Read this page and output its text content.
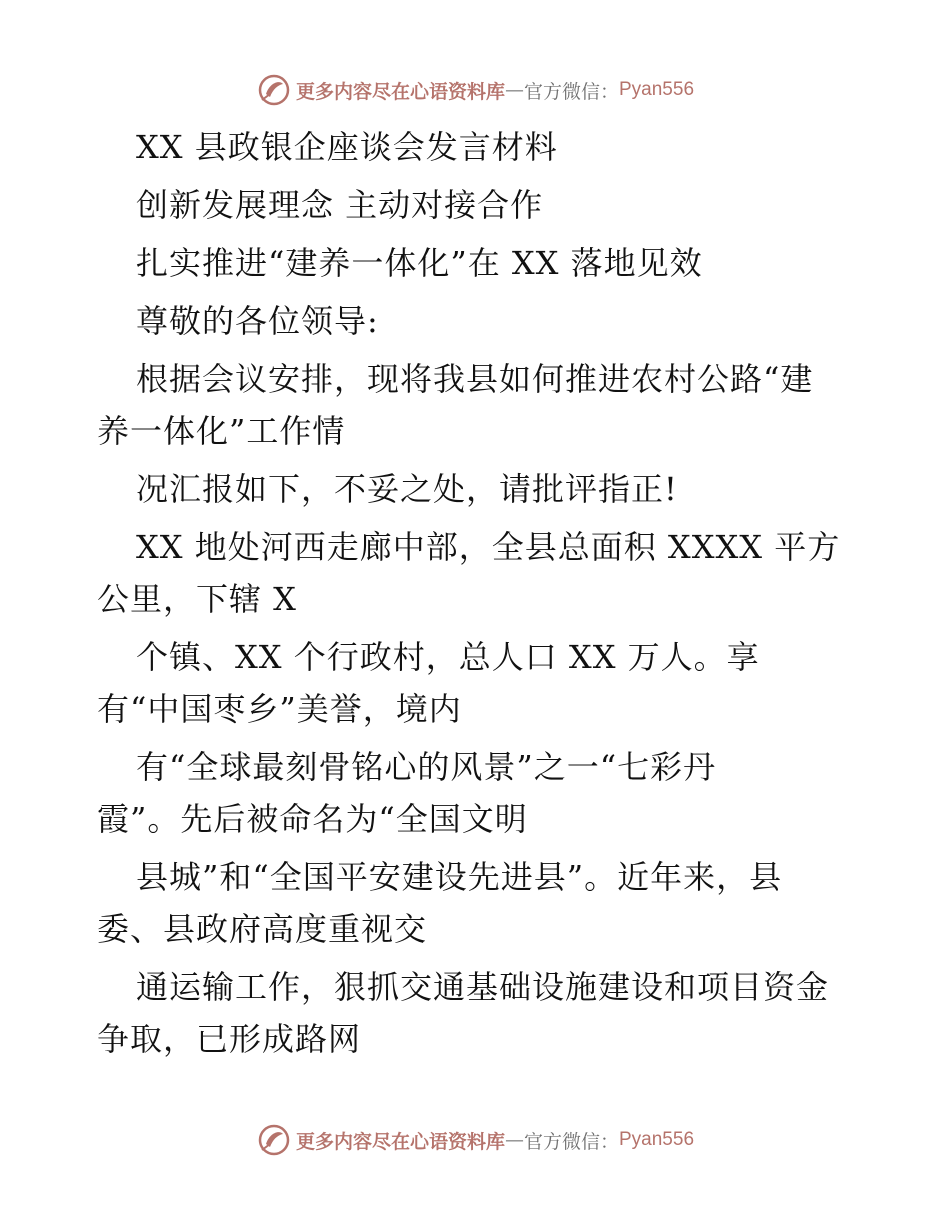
更多内容尽在心语资料库 — 官方微信： Pyan556
XX 县政银企座谈会发言材料
创新发展理念 主动对接合作
扎实推进“建养一体化”在 XX 落地见效
尊敬的各位领导:
根据会议安排，现将我县如何推进农村公路“建
养一体化”工作情
况汇报如下，不妥之处，请批评指正!
XX 地处河西走廊中部，全县总面积 XXXX 平方
公里，下辖 X
个镇、XX 个行政村，总人口 XX 万人。享
有“中国枣乡”美誉，境内
有“全球最刻骨铭心的风景”之一“七彩丹
霞”。先后被命名为“全国文明
县城”和“全国平安建设先进县”。近年来，县
委、县政府高度重视交
通运输工作，狠抓交通基础设施建设和项目资金
争取，已形成路网
更多内容尽在心语资料库 — 官方微信： Pyan556
